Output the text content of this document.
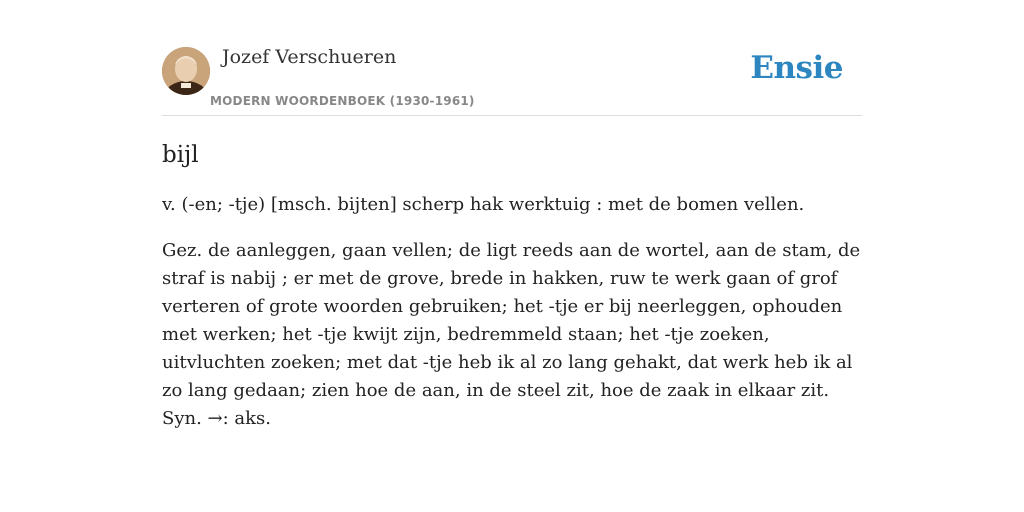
Jozef Verschueren
MODERN WOORDENBOEK (1930-1961)
Ensie
bijl

v. (-en; -tje) [msch. bijten] scherp hak werktuig : met de bomen vellen.

Gez. de aanleggen, gaan vellen; de ligt reeds aan de wortel, aan de stam, de straf is nabij ; er met de grove, brede in hakken, ruw te werk gaan of grof verteren of grote woorden gebruiken; het -tje er bij neerleggen, ophouden met werken; het -tje kwijt zijn, bedremmeld staan; het -tje zoeken, uitvluchten zoeken; met dat -tje heb ik al zo lang gehakt, dat werk heb ik al zo lang gedaan; zien hoe de aan, in de steel zit, hoe de zaak in elkaar zit. Syn. →: aks.
